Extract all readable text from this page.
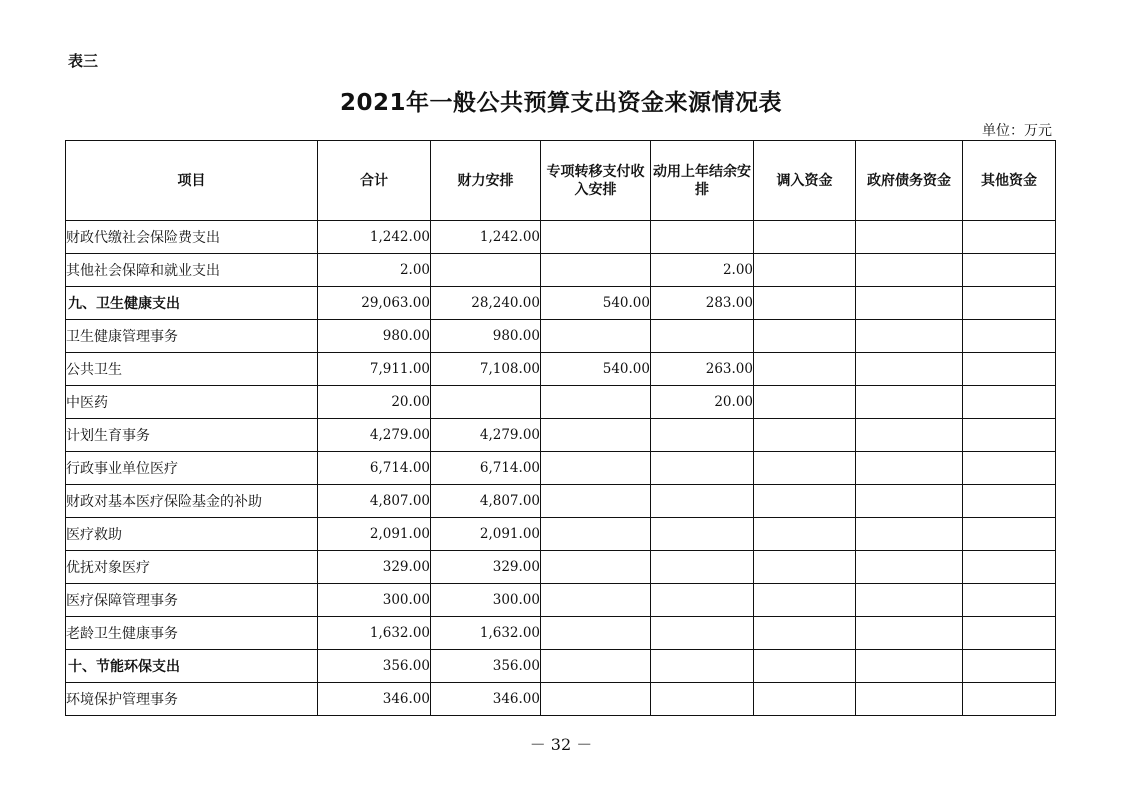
表三
2021年一般公共预算支出资金来源情况表
单位：万元
项目	合计	财力安排	专项转移支付收入安排	动用上年结余安排	调入资金	政府债务资金	其他资金
财政代缴社会保险费支出	1,242.00	1,242.00					
其他社会保障和就业支出	2.00			2.00			
九、卫生健康支出	29,063.00	28,240.00	540.00	283.00			
卫生健康管理事务	980.00	980.00					
公共卫生	7,911.00	7,108.00	540.00	263.00			
中医药	20.00			20.00			
计划生育事务	4,279.00	4,279.00					
行政事业单位医疗	6,714.00	6,714.00					
财政对基本医疗保险基金的补助	4,807.00	4,807.00					
医疗救助	2,091.00	2,091.00					
优抚对象医疗	329.00	329.00					
医疗保障管理事务	300.00	300.00					
老龄卫生健康事务	1,632.00	1,632.00					
十、节能环保支出	356.00	356.00					
环境保护管理事务	346.00	346.00					
－ 32 －
